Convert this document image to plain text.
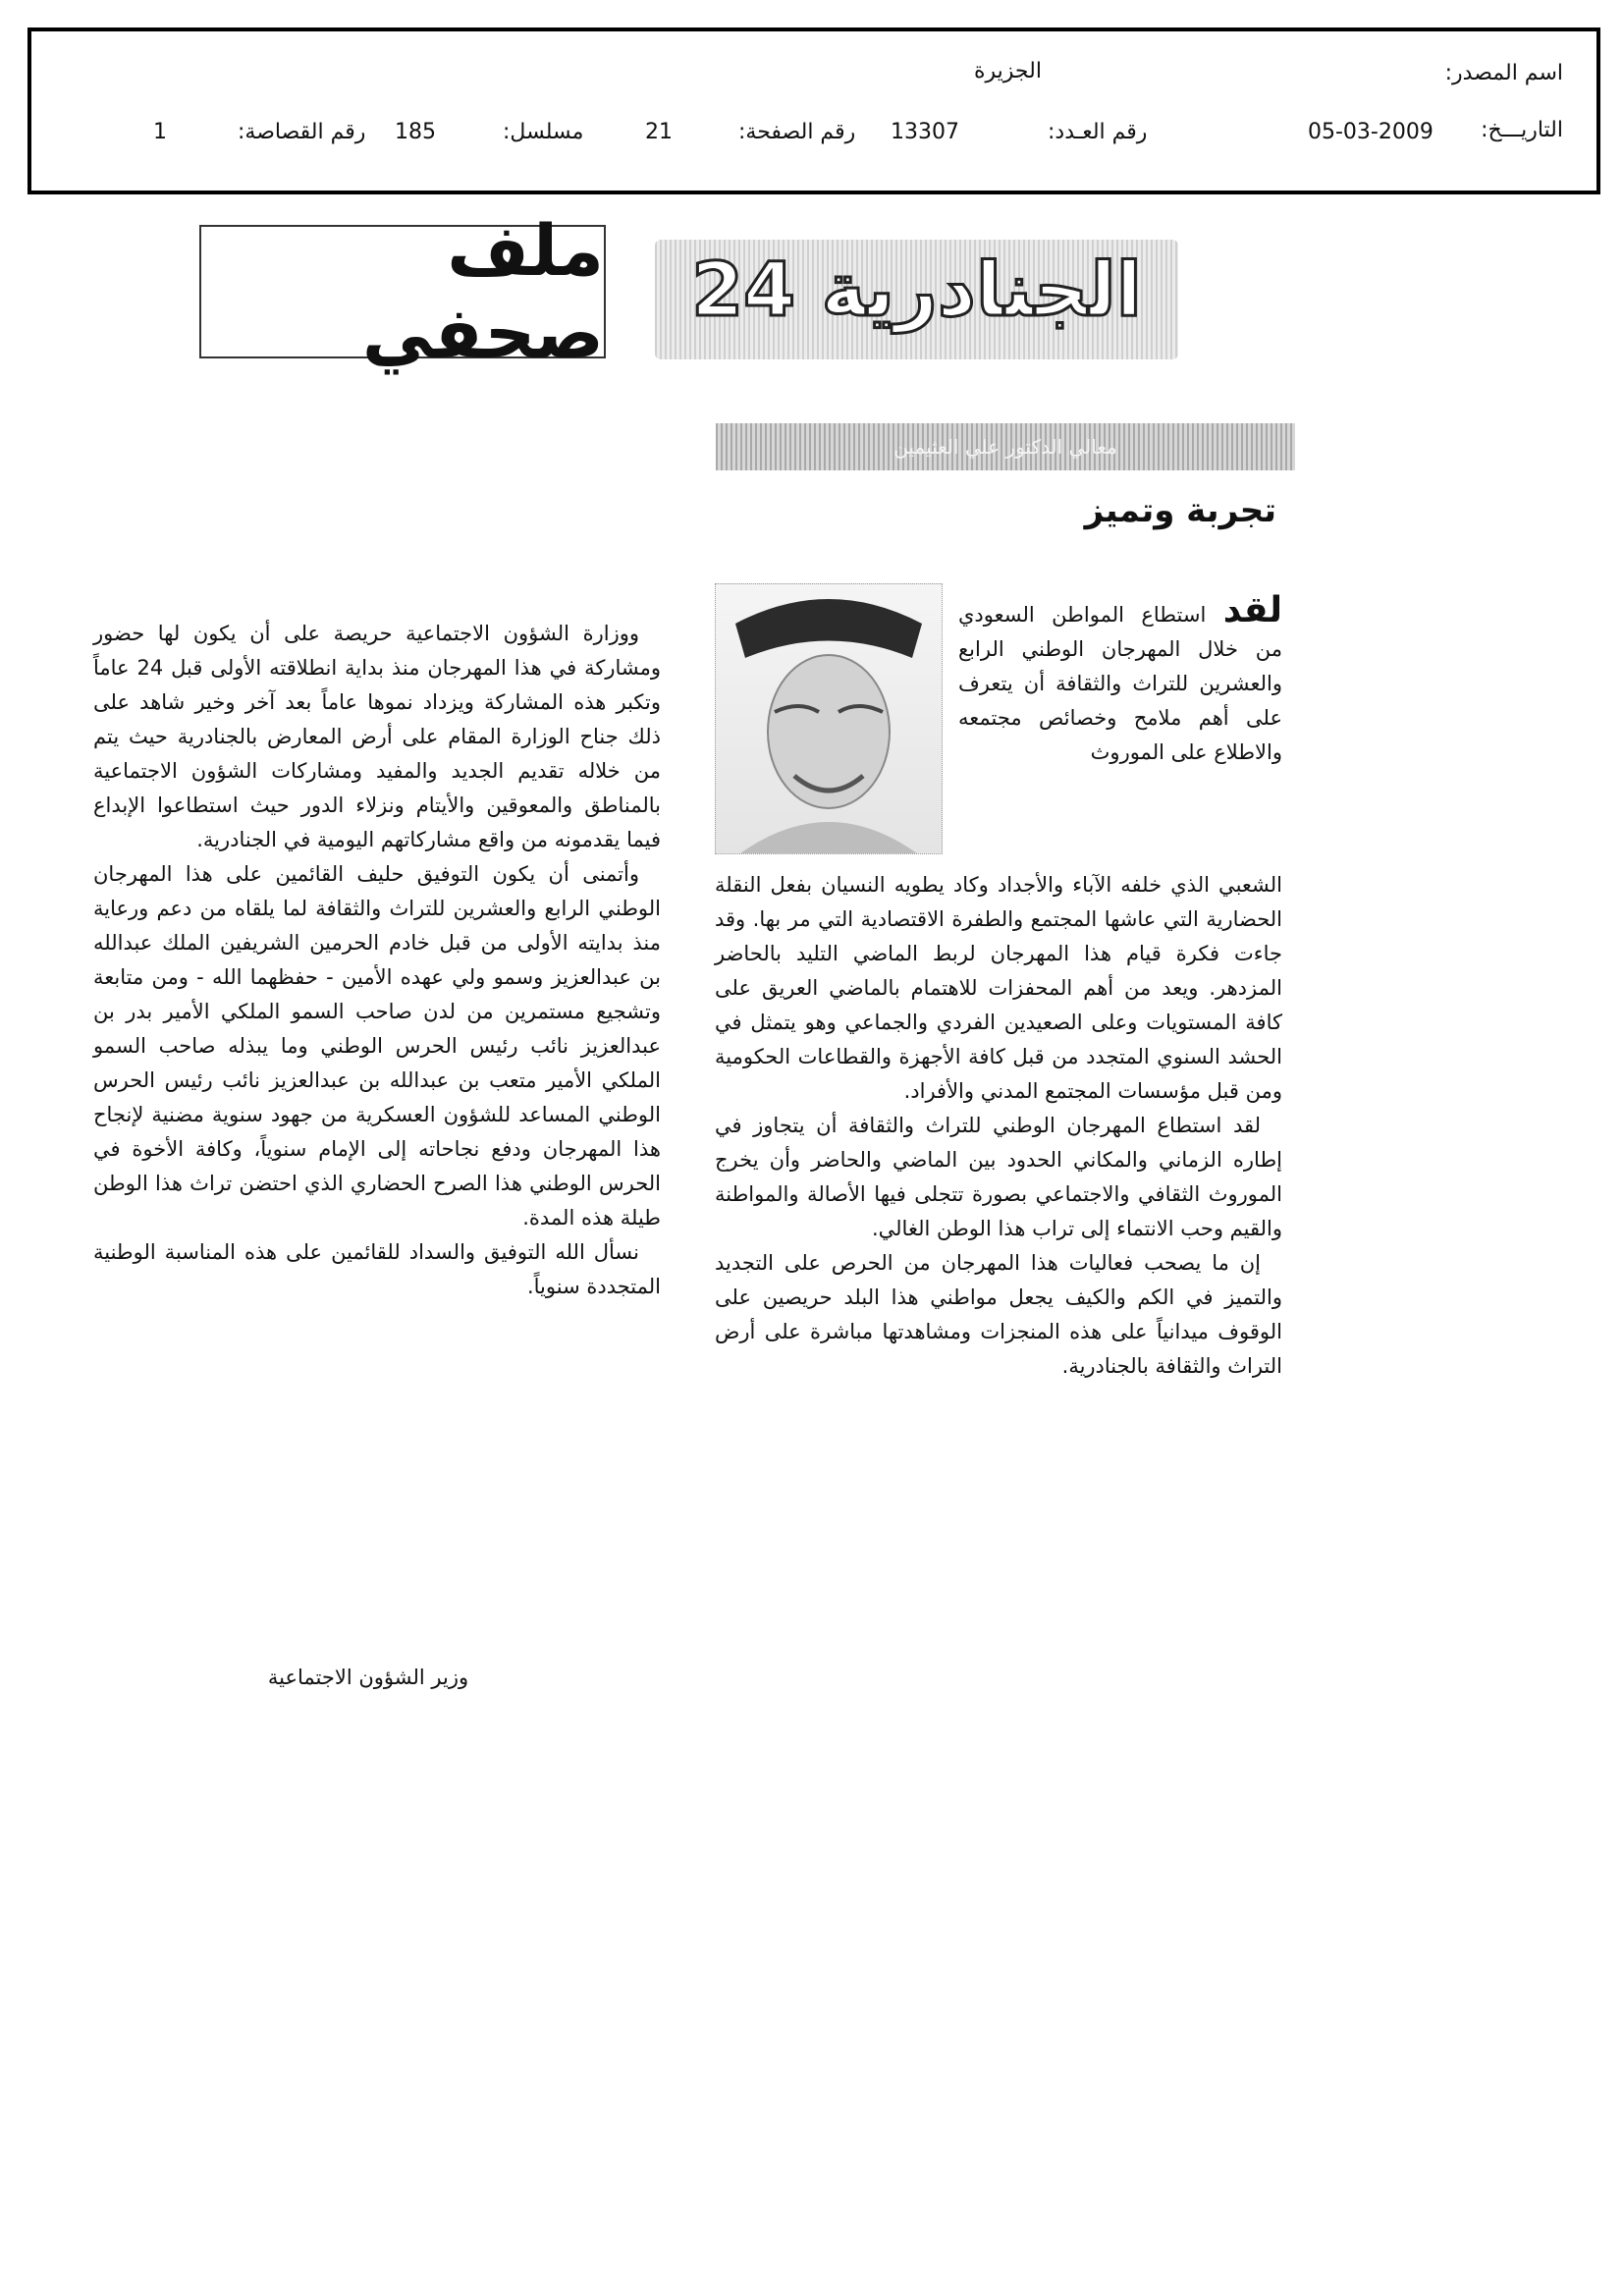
اسم المصدر:
الجزيرة
التاريـــخ:
05-03-2009
رقم العـدد:
13307
رقم الصفحة:
21
مسلسل:
185
رقم القصاصة:
1
الجنادرية 24
ملف صحفي
معالي الدكتور علي العثيمين
تجربة وتميز

لقد استطاع المواطن السعودي من خلال المهرجان الوطني الرابع والعشرين للتراث والثقافة أن يتعرف على أهم ملامح وخصائص مجتمعه والاطلاع على الموروث

الشعبي الذي خلفه الآباء والأجداد وكاد يطويه النسيان بفعل النقلة الحضارية التي عاشها المجتمع والطفرة الاقتصادية التي مر بها. وقد جاءت فكرة قيام هذا المهرجان لربط الماضي التليد بالحاضر المزدهر. ويعد من أهم المحفزات للاهتمام بالماضي العريق على كافة المستويات وعلى الصعيدين الفردي والجماعي وهو يتمثل في الحشد السنوي المتجدد من قبل كافة الأجهزة والقطاعات الحكومية ومن قبل مؤسسات المجتمع المدني والأفراد.

لقد استطاع المهرجان الوطني للتراث والثقافة أن يتجاوز في إطاره الزماني والمكاني الحدود بين الماضي والحاضر وأن يخرج الموروث الثقافي والاجتماعي بصورة تتجلى فيها الأصالة والمواطنة والقيم وحب الانتماء إلى تراب هذا الوطن الغالي.

إن ما يصحب فعاليات هذا المهرجان من الحرص على التجديد والتميز في الكم والكيف يجعل مواطني هذا البلد حريصين على الوقوف ميدانياً على هذه المنجزات ومشاهدتها مباشرة على أرض التراث والثقافة بالجنادرية.

ووزارة الشؤون الاجتماعية حريصة على أن يكون لها حضور ومشاركة في هذا المهرجان منذ بداية انطلاقته الأولى قبل 24 عاماً وتكبر هذه المشاركة ويزداد نموها عاماً بعد آخر وخير شاهد على ذلك جناح الوزارة المقام على أرض المعارض بالجنادرية حيث يتم من خلاله تقديم الجديد والمفيد ومشاركات الشؤون الاجتماعية بالمناطق والمعوقين والأيتام ونزلاء الدور حيث استطاعوا الإبداع فيما يقدمونه من واقع مشاركاتهم اليومية في الجنادرية.

وأتمنى أن يكون التوفيق حليف القائمين على هذا المهرجان الوطني الرابع والعشرين للتراث والثقافة لما يلقاه من دعم ورعاية منذ بدايته الأولى من قبل خادم الحرمين الشريفين الملك عبدالله بن عبدالعزيز وسمو ولي عهده الأمين - حفظهما الله - ومن متابعة وتشجيع مستمرين من لدن صاحب السمو الملكي الأمير بدر بن عبدالعزيز نائب رئيس الحرس الوطني وما يبذله صاحب السمو الملكي الأمير متعب بن عبدالله بن عبدالعزيز نائب رئيس الحرس الوطني المساعد للشؤون العسكرية من جهود سنوية مضنية لإنجاح هذا المهرجان ودفع نجاحاته إلى الإمام سنوياً، وكافة الأخوة في الحرس الوطني هذا الصرح الحضاري الذي احتضن تراث هذا الوطن طيلة هذه المدة.

نسأل الله التوفيق والسداد للقائمين على هذه المناسبة الوطنية المتجددة سنوياً.

وزير الشؤون الاجتماعية
